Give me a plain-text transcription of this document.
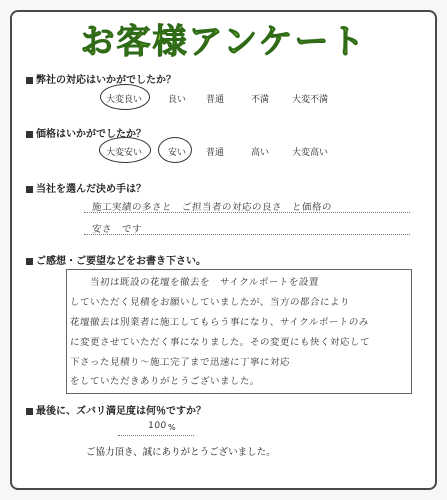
お客様アンケート
弊社の対応はいかがでしたか？
大変良い	良い 普通	不満	大変不満
価格はいかがでしたか？
大変安い	安い 普通	高い	大変高い
当社を選んだ決め手は？
施工実績の多さと　ご担当者の対応の良さ　と価格の
安さ　です
ご感想・ご要望などをお書き下さい。
当初は既設の花壇を撤去を　サイクルポートを設置
していただく見積をお願いしていましたが、当方の都合により
花壇撤去は別業者に施工してもらう事になり、サイクルポートのみ
に変更させていただく事になりました。その変更にも快く対応して
下さった見積り～施工完了まで迅速に丁寧に対応
をしていただきありがとうございました。
最後に、ズバリ満足度は何％ですか？
100 %
ご協力頂き、誠にありがとうございました。
